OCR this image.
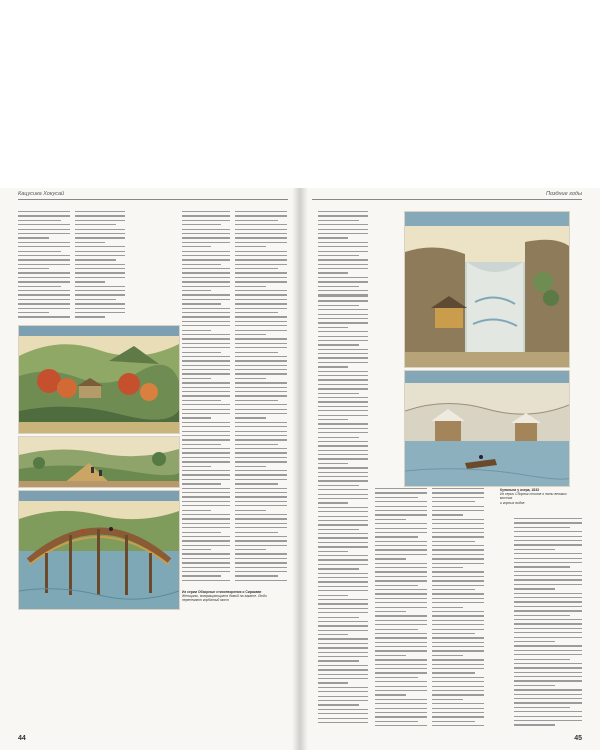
Кацусика Хокусай
Из серии Обзорные стихотворения о Сиракаве
Женщины, возвращающиеся домой на закате. Люди пересекают горбатый мост
44
Поздние годы
Купальни у озера, 1833
Из серии Сборник стихов о пяти великих мостах
и горных видов
45
